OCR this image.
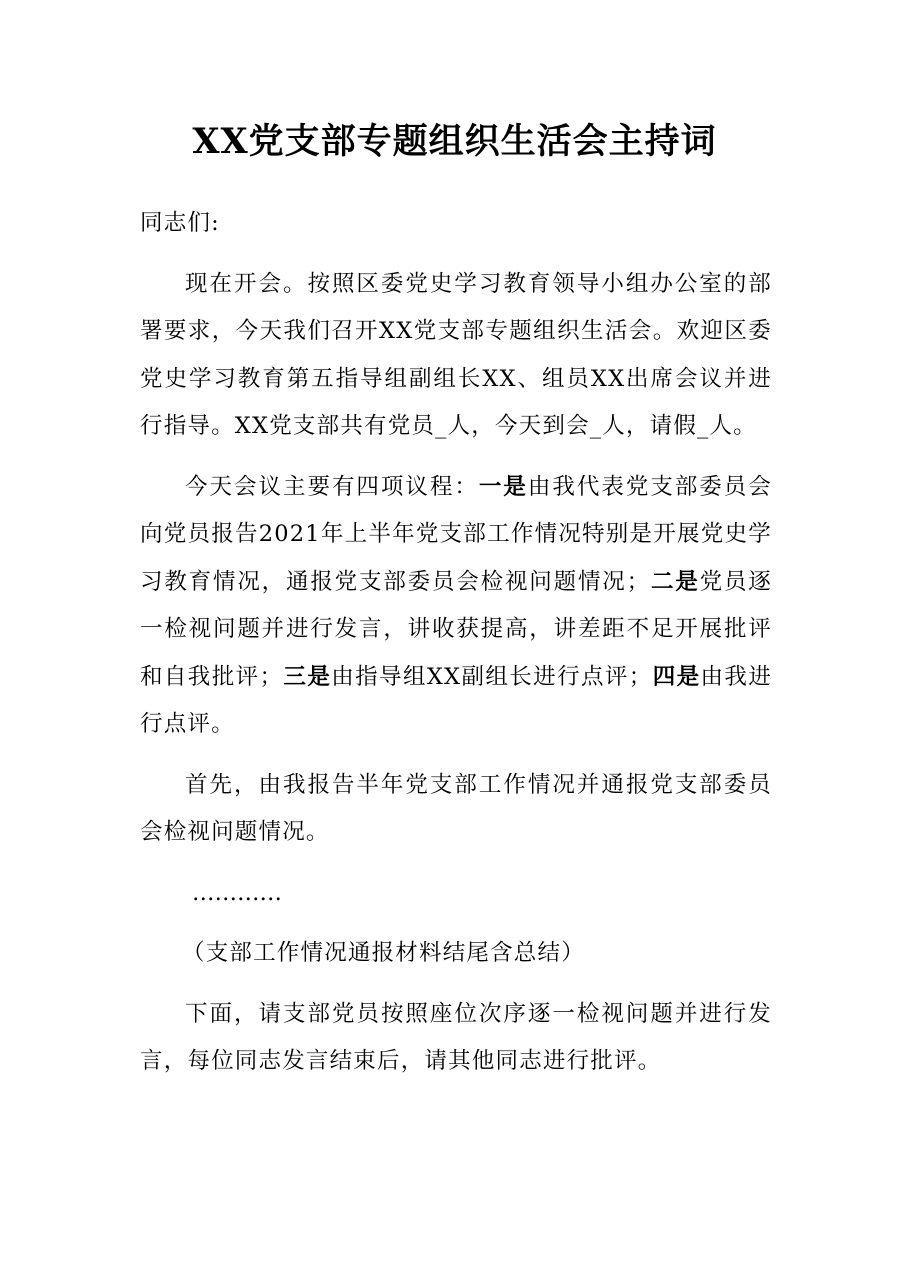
XX党支部专题组织生活会主持词

同志们:

现在开会。按照区委党史学习教育领导小组办公室的部署要求，今天我们召开XX党支部专题组织生活会。欢迎区委党史学习教育第五指导组副组长XX、组员XX出席会议并进行指导。XX党支部共有党员_人，今天到会_人，请假_人。

今天会议主要有四项议程：一是由我代表党支部委员会向党员报告2021年上半年党支部工作情况特别是开展党史学习教育情况，通报党支部委员会检视问题情况；二是党员逐一检视问题并进行发言，讲收获提高，讲差距不足开展批评和自我批评；三是由指导组XX副组长进行点评；四是由我进行点评。

首先，由我报告半年党支部工作情况并通报党支部委员会检视问题情况。

…………

（支部工作情况通报材料结尾含总结）

下面，请支部党员按照座位次序逐一检视问题并进行发言，每位同志发言结束后，请其他同志进行批评。
